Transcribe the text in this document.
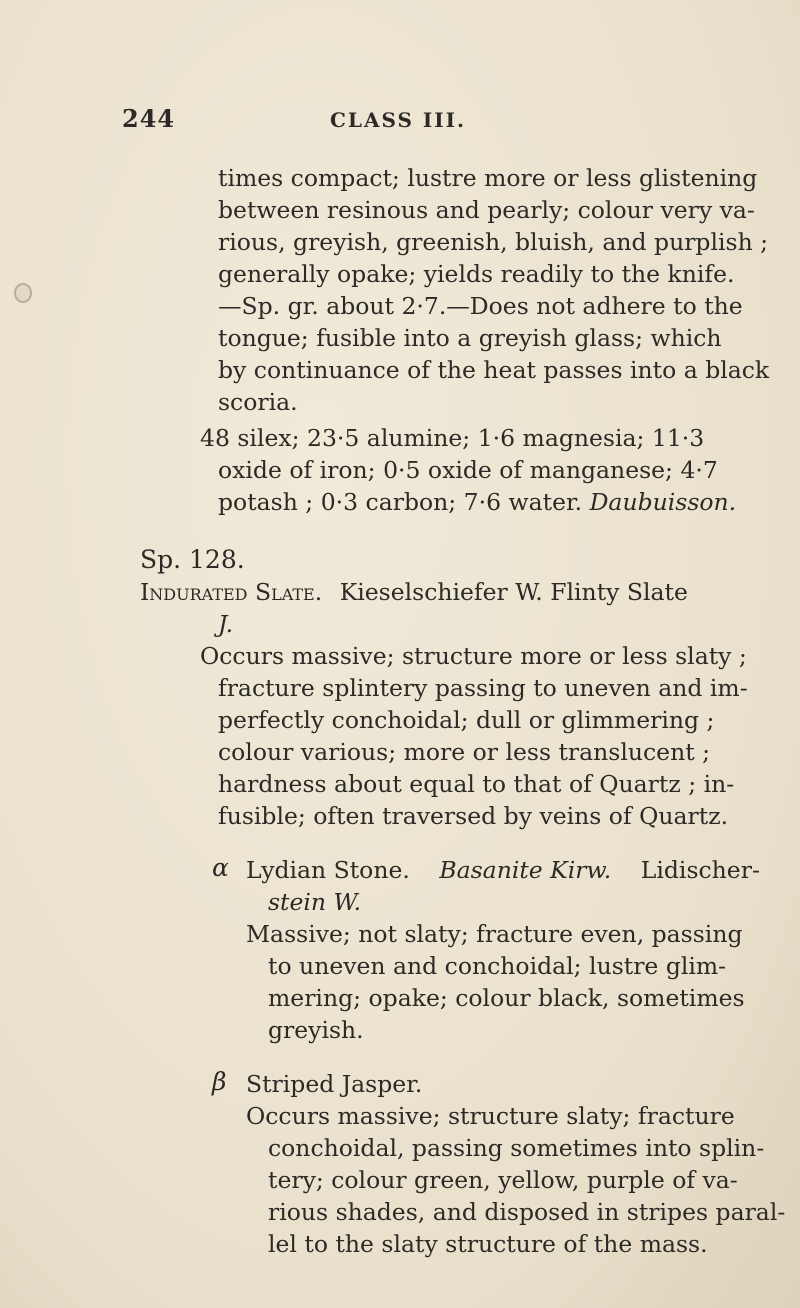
244	CLASS III.
times compact; lustre more or less glistening
between resinous and pearly; colour very va-
rious, greyish, greenish, bluish, and purplish ;
generally opake; yields readily to the knife.
—Sp. gr. about 2·7.—Does not adhere to the
tongue; fusible into a greyish glass; which
by continuance of the heat passes into a black
scoria.
48 silex; 23·5 alumine; 1·6 magnesia; 11·3
oxide of iron; 0·5 oxide of manganese; 4·7
potash ; 0·3 carbon; 7·6 water. Daubuisson.
Sp. 128.
Indurated Slate. Kieselschiefer W. Flinty Slate
J.
Occurs massive; structure more or less slaty ;
fracture splintery passing to uneven and im-
perfectly conchoidal; dull or glimmering ;
colour various; more or less translucent ;
hardness about equal to that of Quartz ; in-
fusible; often traversed by veins of Quartz.
α Lydian Stone. Basanite Kirw. Lidischer-
stein W.
Massive; not slaty; fracture even, passing
to uneven and conchoidal; lustre glim-
mering; opake; colour black, sometimes
greyish.
β Striped Jasper.
Occurs massive; structure slaty; fracture
conchoidal, passing sometimes into splin-
tery; colour green, yellow, purple of va-
rious shades, and disposed in stripes paral-
lel to the slaty structure of the mass.
